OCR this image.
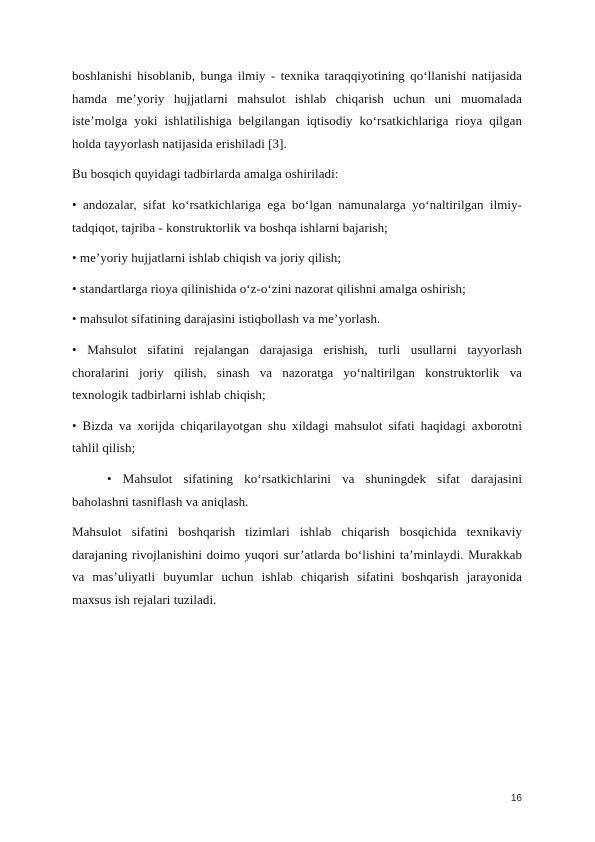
boshlanishi hisoblanib, bunga ilmiy - texnika taraqqiyotining qo‘llanishi natijasida hamda me’yoriy hujjatlarni mahsulot ishlab chiqarish uchun uni muomalada iste’molga yoki ishlatilishiga belgilangan iqtisodiy ko‘rsatkichlariga rioya qilgan holda tayyorlash natijasida erishiladi [3].

Bu bosqich quyidagi tadbirlarda amalga oshiriladi:

• andozalar, sifat ko‘rsatkichlariga ega bo‘lgan namunalarga yo‘naltirilgan ilmiy-tadqiqot, tajriba - konstruktorlik va boshqa ishlarni bajarish;

• me’yoriy hujjatlarni ishlab chiqish va joriy qilish;

• standartlarga rioya qilinishida o‘z-o‘zini nazorat qilishni amalga oshirish;

• mahsulot sifatining darajasini istiqbollash va me’yorlash.

• Mahsulot sifatini rejalangan darajasiga erishish, turli usullarni tayyorlash choralarini joriy qilish, sinash va nazoratga yo‘naltirilgan konstruktorlik va texnologik tadbirlarni ishlab chiqish;

• Bizda va xorijda chiqarilayotgan shu xildagi mahsulot sifati haqidagi axborotni tahlil qilish;

• Mahsulot sifatining ko‘rsatkichlarini va shuningdek sifat darajasini baholashni tasniflash va aniqlash.

Mahsulot sifatini boshqarish tizimlari ishlab chiqarish bosqichida texnikaviy darajaning rivojlanishini doimo yuqori sur’atlarda bo‘lishini ta’minlaydi. Murakkab va mas’uliyatli buyumlar uchun ishlab chiqarish sifatini boshqarish jarayonida maxsus ish rejalari tuziladi.

16
